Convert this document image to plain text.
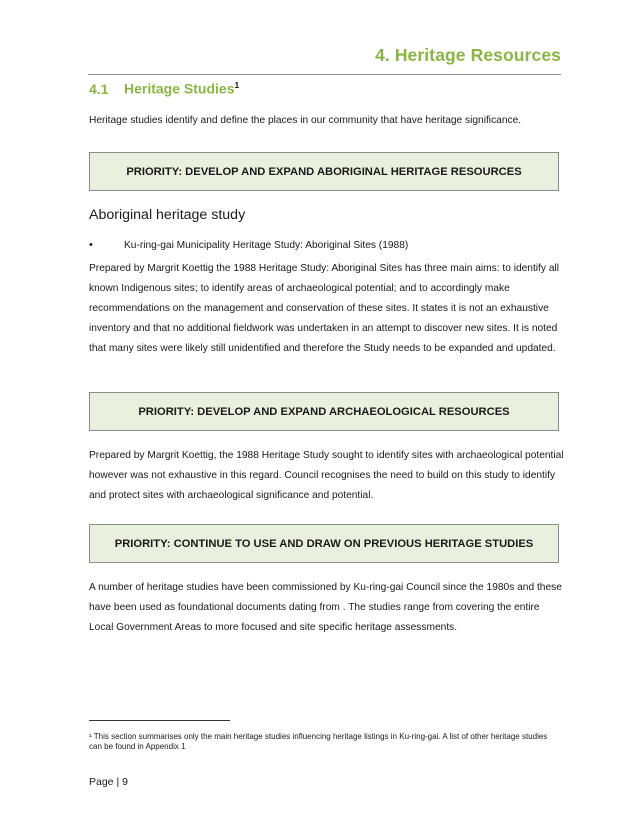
4. Heritage Resources
4.1 Heritage Studies$^1$

Heritage studies identify and define the places in our community that have heritage significance.

PRIORITY: DEVELOP AND EXPAND ABORIGINAL HERITAGE RESOURCES
Aboriginal heritage study
•	Ku-ring-gai Municipality Heritage Study: Aboriginal Sites (1988)

Prepared by Margrit Koettig the 1988 Heritage Study: Aboriginal Sites has three main aims: to identify all known Indigenous sites; to identify areas of archaeological potential; and to accordingly make recommendations on the management and conservation of these sites. It states it is not an exhaustive inventory and that no additional fieldwork was undertaken in an attempt to discover new sites. It is noted that many sites were likely still unidentified and therefore the Study needs to be expanded and updated.

PRIORITY: DEVELOP AND EXPAND ARCHAEOLOGICAL RESOURCES

Prepared by Margrit Koettig, the 1988 Heritage Study sought to identify sites with archaeological potential however was not exhaustive in this regard. Council recognises the need to build on this study to identify and protect sites with archaeological significance and potential.

PRIORITY: CONTINUE TO USE AND DRAW ON PREVIOUS HERITAGE STUDIES

A number of heritage studies have been commissioned by Ku-ring-gai Council since the 1980s and these have been used as foundational documents dating from . The studies range from covering the entire Local Government Areas to more focused and site specific heritage assessments.

¹ This section summarises only the main heritage studies influencing heritage listings in Ku-ring-gai. A list of other heritage studies can be found in Appendix 1
Page | 9
